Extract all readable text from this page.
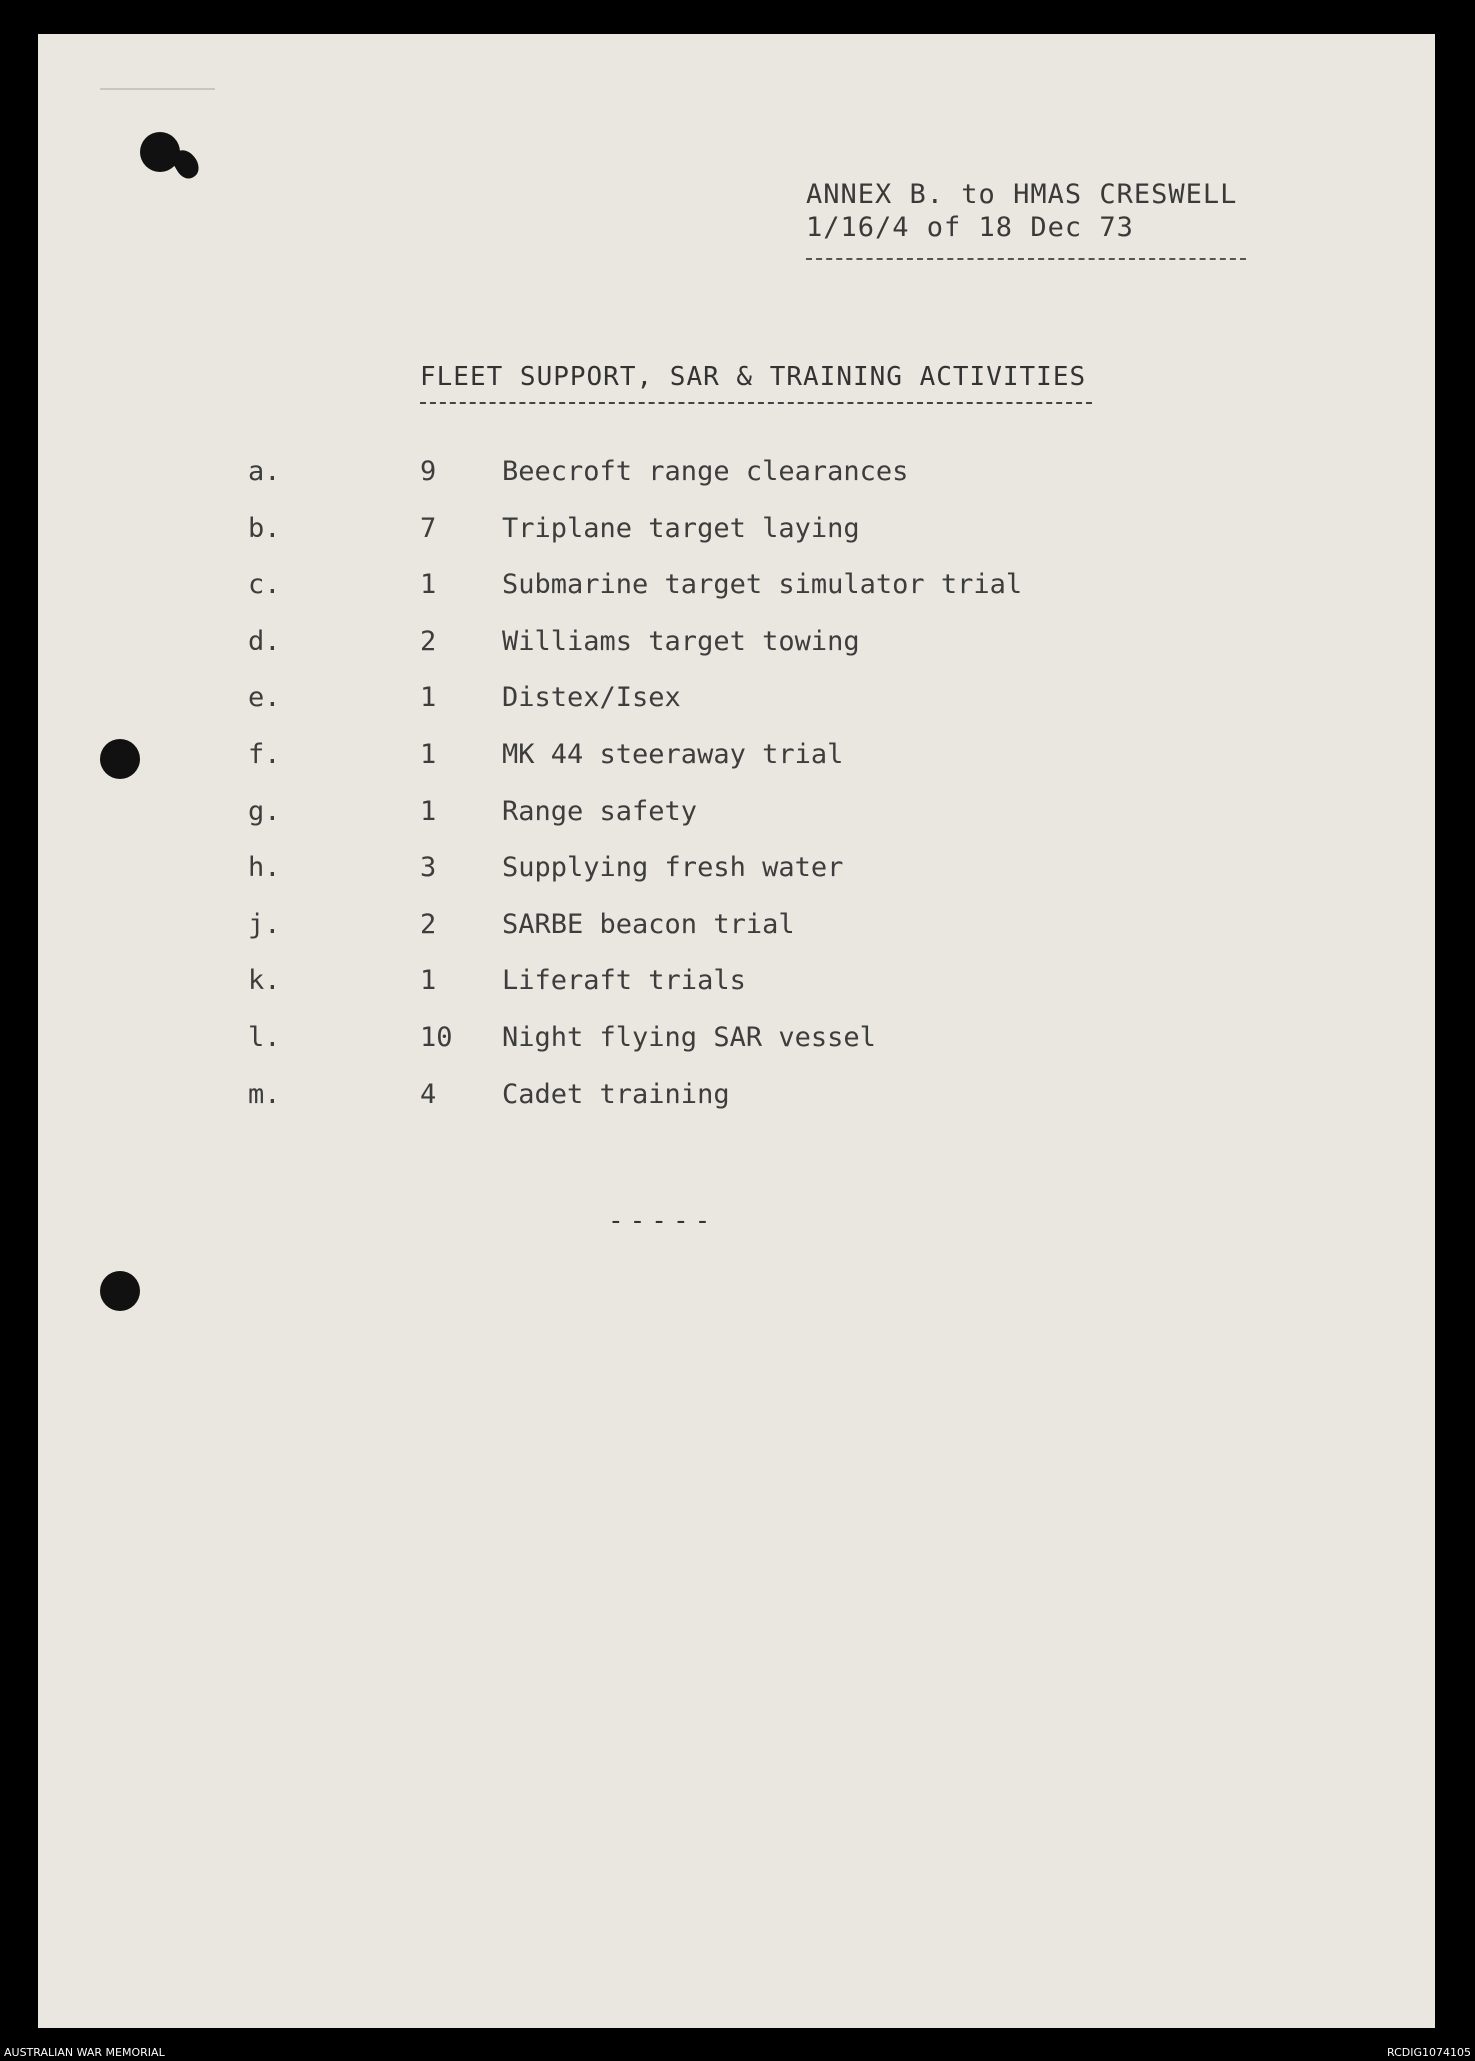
ANNEX B. to HMAS CRESWELL
1/16/4 of 18 Dec 73
FLEET SUPPORT, SAR & TRAINING ACTIVITIES
a.	9 Beecroft range clearances
b.	7 Triplane target laying
c.	1 Submarine target simulator trial
d.	2 Williams target towing
e.	1 Distex/Isex
f.	1 MK 44 steeraway trial
g.	1 Range safety
h.	3 Supplying fresh water
j.	2 SARBE beacon trial
k.	1 Liferaft trials
l.	10 Night flying SAR vessel
m.	4 Cadet training
-----
AUSTRALIAN WAR MEMORIAL	RCDIG1074105
